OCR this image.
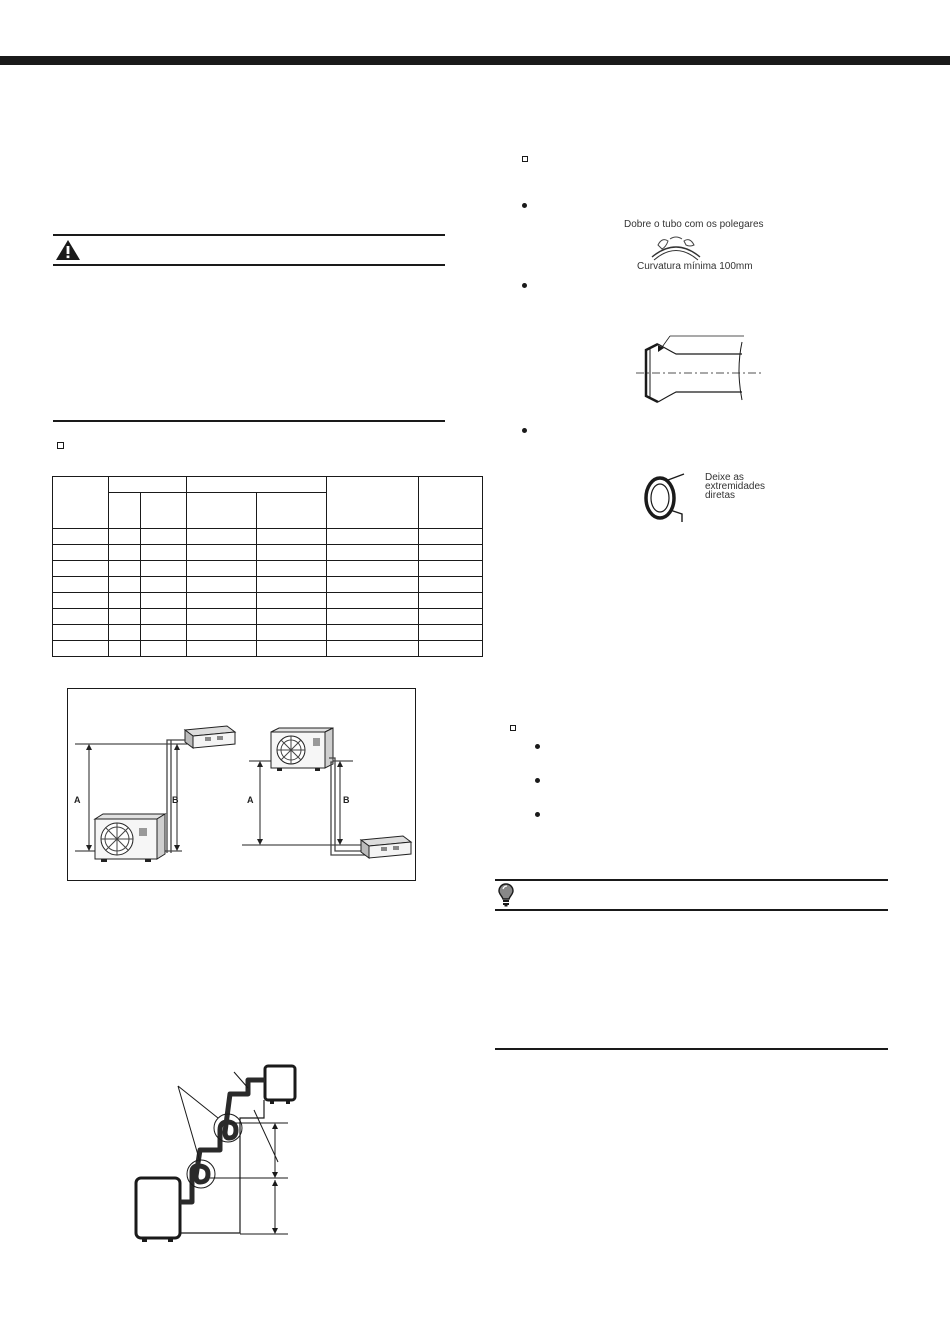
A	B	A	B
Dobre o tubo com os polegares
Curvatura mínima 100mm
Deixe as
extremidades
diretas
